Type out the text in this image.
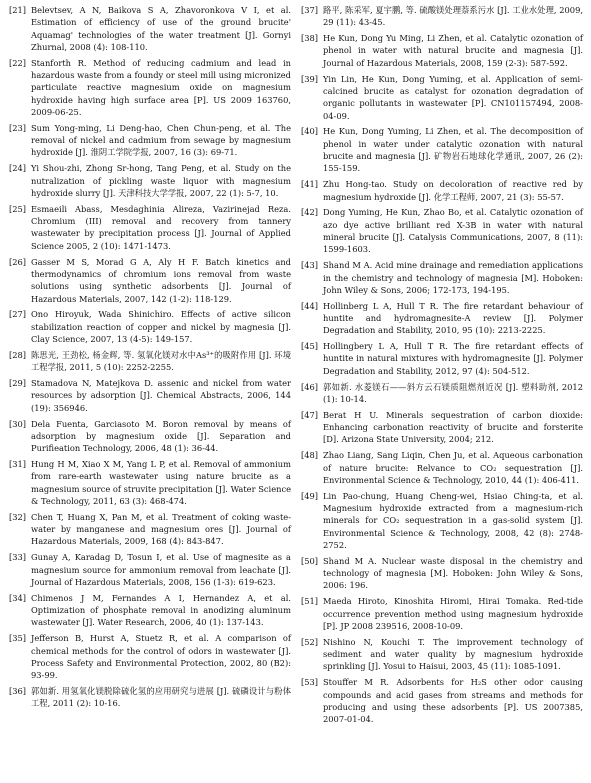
[21] Belevtsev, A N, Baikova S A, Zhavoronkova V I, et al. Estimation of efficiency of use of the ground brucite' Aquamag' technologies of the water treatment [J]. Gornyi Zhurnal, 2008 (4): 108-110.
[22] Stanforth R. Method of reducing cadmium and lead in hazardous waste from a foundy or steel mill using micronized particulate reactive magnesium oxide on magnesium hydroxide having high surface area [P]. US 2009 163760, 2009-06-25.
[23] Sum Yong-ming, Li Deng-hao, Chen Chun-peng, et al. The removal of nickel and cadmium from sewage by magnesium hydroxide [J]. 淮阴工学院学报, 2007, 16 (3): 69-71.
[24] Yi Shou-zhi, Zhong Sr-hong, Tang Peng, et al. Study on the nutralization of pickling waste liquor with magnesium hydroxide slurry [J]. 天津科技大学学报, 2007, 22 (1): 5-7, 10.
[25] Esmaeili Abass, Mesdaghinia Alireza, Vazirinejad Reza. Chromium (III) removal and recovery from tannery wastewater by precipitation process [J]. Journal of Applied Science 2005, 2 (10): 1471-1473.
[26] Gasser M S, Morad G A, Aly H F. Batch kinetics and thermodynamics of chromium ions removal from waste solutions using synthetic adsorbents [J]. Journal of Hazardous Materials, 2007, 142 (1-2): 118-129.
[27] Ono Hiroyuk, Wada Shinichiro. Effects of active silicon stabilization reaction of copper and nickel by magnesia [J]. Clay Science, 2007, 13 (4-5): 149-157.
[28] 陈思光, 王劲松, 杨金辉, 等. 氢氧化镁对水中As³⁺的吸附作用 [J]. 环境工程学报, 2011, 5 (10): 2252-2255.
[29] Stamadova N, Matejkova D. assenic and nickel from water resources by adsorption [J]. Chemical Abstracts, 2006, 144 (19): 356946.
[30] Dela Fuenta, Garciasoto M. Boron removal by means of adsorption by magnesium oxide [J]. Separation and Purifieation Technology, 2006, 48 (1): 36-44.
[31] Hung H M, Xiao X M, Yang L P, et al. Removal of ammonium from rare-earth wastewater using nature brucite as a magnesium source of struvite precipitation [J]. Water Science & Technology, 2011, 63 (3): 468-474.
[32] Chen T, Huang X, Pan M, et al. Treatment of coking waste-water by manganese and magnesium ores [J]. Journal of Hazardous Materials, 2009, 168 (4): 843-847.
[33] Gunay A, Karadag D, Tosun I, et al. Use of magnesite as a magnesium source for ammonium removal from leachate [J]. Journal of Hazardous Materials, 2008, 156 (1-3): 619-623.
[34] Chimenos J M, Fernandes A I, Hernandez A, et al. Optimization of phosphate removal in anodizing aluminum wastewater [J]. Water Research, 2006, 40 (1): 137-143.
[35] Jefferson B, Hurst A, Stuetz R, et al. A comparison of chemical methods for the control of odors in wastewater [J]. Process Safety and Environmental Protection, 2002, 80 (B2): 93-99.
[36] 郭如新. 用氢氧化镁脱除硫化氢的应用研究与进展 [J]. 硫磷设计与粉体工程, 2011 (2): 10-16.
[37] 路平, 陈采军, 夏宇鹏, 等. 硫酸镁处理萘系污水 [J]. 工业水处理, 2009, 29 (11): 43-45.
[38] He Kun, Dong Yu Ming, Li Zhen, et al. Catalytic ozonation of phenol in water with natural brucite and magnesia [J]. Journal of Hazardous Materials, 2008, 159 (2-3): 587-592.
[39] Yin Lin, He Kun, Dong Yuming, et al. Application of semi-calcined brucite as catalyst for ozonation degradation of organic pollutants in wastewater [P]. CN101157494, 2008-04-09.
[40] He Kun, Dong Yuming, Li Zhen, et al. The decomposition of phenol in water under catalytic ozonation with natural brucite and magnesia [J]. 矿物岩石地球化学通讯, 2007, 26 (2): 155-159.
[41] Zhu Hong-tao. Study on decoloration of reactive red by magnesium hydroxide [J]. 化学工程师, 2007, 21 (3): 55-57.
[42] Dong Yuming, He Kun, Zhao Bo, et al. Catalytic ozonation of azo dye active brilliant red X-3B in water with natural mineral brucite [J]. Catalysis Communications, 2007, 8 (11): 1599-1603.
[43] Shand M A. Acid mine drainage and remediation applications in the chemistry and technology of magnesia [M]. Hoboken: John Wiley & Sons, 2006; 172-173, 194-195.
[44] Hollinberg L A, Hull T R. The fire retardant behaviour of huntite and hydromagnesite-A review [J]. Polymer Degradation and Stability, 2010, 95 (10): 2213-2225.
[45] Hollingbery L A, Hull T R. The fire retardant effects of huntite in natural mixtures with hydromagnesite [J]. Polymer Degradation and Stability, 2012, 97 (4): 504-512.
[46] 郭如新. 水菱镁石——斜方云石镁质阻燃剂近况 [J]. 塑料助剂, 2012 (1): 10-14.
[47] Berat H U. Minerals sequestration of carbon dioxide: Enhancing carbonation reactivity of brucite and forsterite [D]. Arizona State University, 2004; 212.
[48] Zhao Liang, Sang Liqin, Chen Ju, et al. Aqueous carbonation of nature brucite: Relvance to CO₂ sequestration [J]. Environmental Science & Technology, 2010, 44 (1): 406-411.
[49] Lin Pao-chung, Huang Cheng-wei, Hsiao Ching-ta, et al. Magnesium hydroxide extracted from a magnesium-rich minerals for CO₂ sequestration in a gas-solid system [J]. Environmental Science & Technology, 2008, 42 (8): 2748-2752.
[50] Shand M A. Nuclear waste disposal in the chemistry and technology of magnesia [M]. Hoboken: John Wiley & Sons, 2006: 196.
[51] Maeda Hiroto, Kinoshita Hiromi, Hirai Tomaka. Red-tide occurrence prevention method using magnesium hydroxide [P]. JP 2008 239516, 2008-10-09.
[52] Nishino N, Kouchi T. The improvement technology of sediment and water quality by magnesium hydroxide sprinkling [J]. Yosui to Haisui, 2003, 45 (11): 1085-1091.
[53] Stouffer M R. Adsorbents for H₂S other odor causing compounds and acid gases from streams and methods for producing and using these adsorbents [P]. US 2007385, 2007-01-04.
